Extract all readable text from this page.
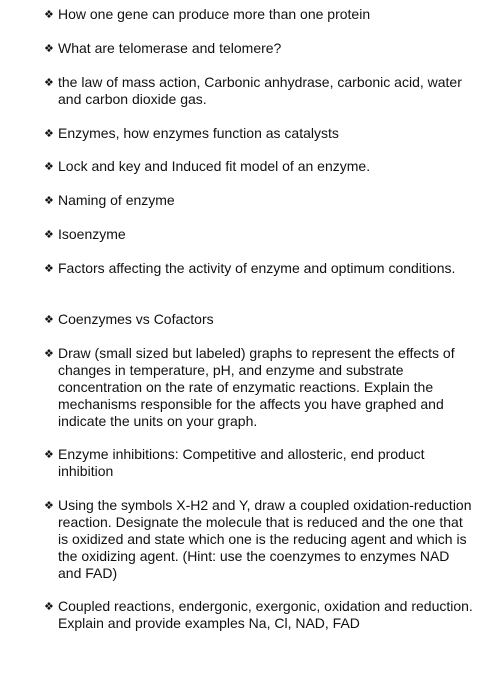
❖ How one gene can produce more than one protein
❖ What are telomerase and telomere?
❖ the law of mass action, Carbonic anhydrase, carbonic acid, water and carbon dioxide gas.
❖ Enzymes, how enzymes function as catalysts
❖ Lock and key and Induced fit model of an enzyme.
❖ Naming of enzyme
❖ Isoenzyme
❖ Factors affecting the activity of enzyme and optimum conditions.
❖ Coenzymes vs Cofactors
❖ Draw (small sized but labeled) graphs to represent the effects of changes in temperature, pH, and enzyme and substrate concentration on the rate of enzymatic reactions. Explain the mechanisms responsible for the affects you have graphed and indicate the units on your graph.
❖ Enzyme inhibitions: Competitive and allosteric, end product inhibition
❖ Using the symbols X-H2 and Y, draw a coupled oxidation-reduction reaction. Designate the molecule that is reduced and the one that is oxidized and state which one is the reducing agent and which is the oxidizing agent. (Hint: use the coenzymes to enzymes NAD and FAD)
❖ Coupled reactions, endergonic, exergonic, oxidation and reduction. Explain and provide examples Na, Cl, NAD, FAD
